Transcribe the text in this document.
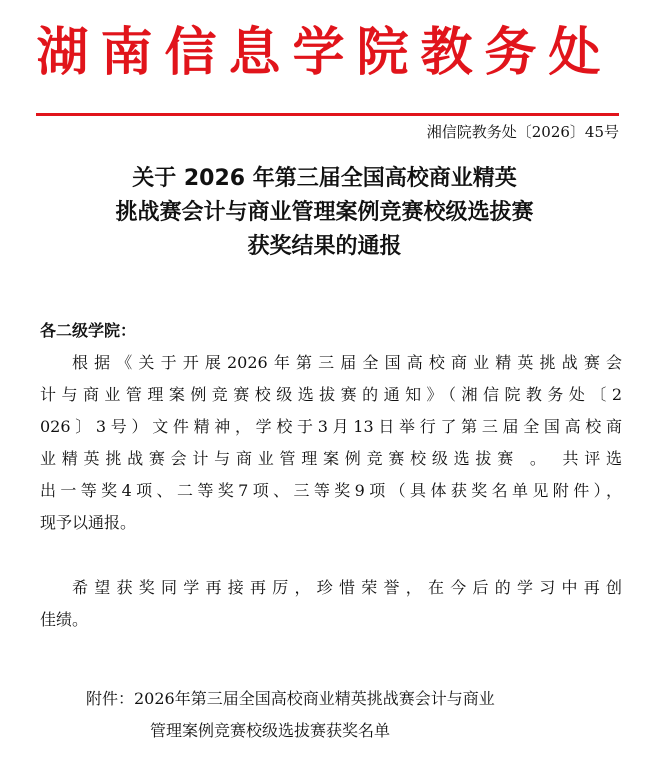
湖南信息学院教务处
湘信院教务处〔2026〕45号
关于 2026 年第三届全国高校商业精英
挑战赛会计与商业管理案例竞赛校级选拔赛
获奖结果的通报
各二级学院：
根据《关于开展2026年第三届全国高校商业精英挑战赛会
计与商业管理案例竞赛校级选拔赛的通知》（湘信院教务处〔2
026〕3号）文件精神，学校于3月13日举行了第三届全国高校商
业精英挑战赛会计与商业管理案例竞赛校级选拔赛 。 共评选
出一等奖4项、二等奖7项、三等奖9项（具体获奖名单见附件），
现予以通报。
希望获奖同学再接再厉，珍惜荣誉，在今后的学习中再创
佳绩。
附件：2026年第三届全国高校商业精英挑战赛会计与商业
管理案例竞赛校级选拔赛获奖名单
